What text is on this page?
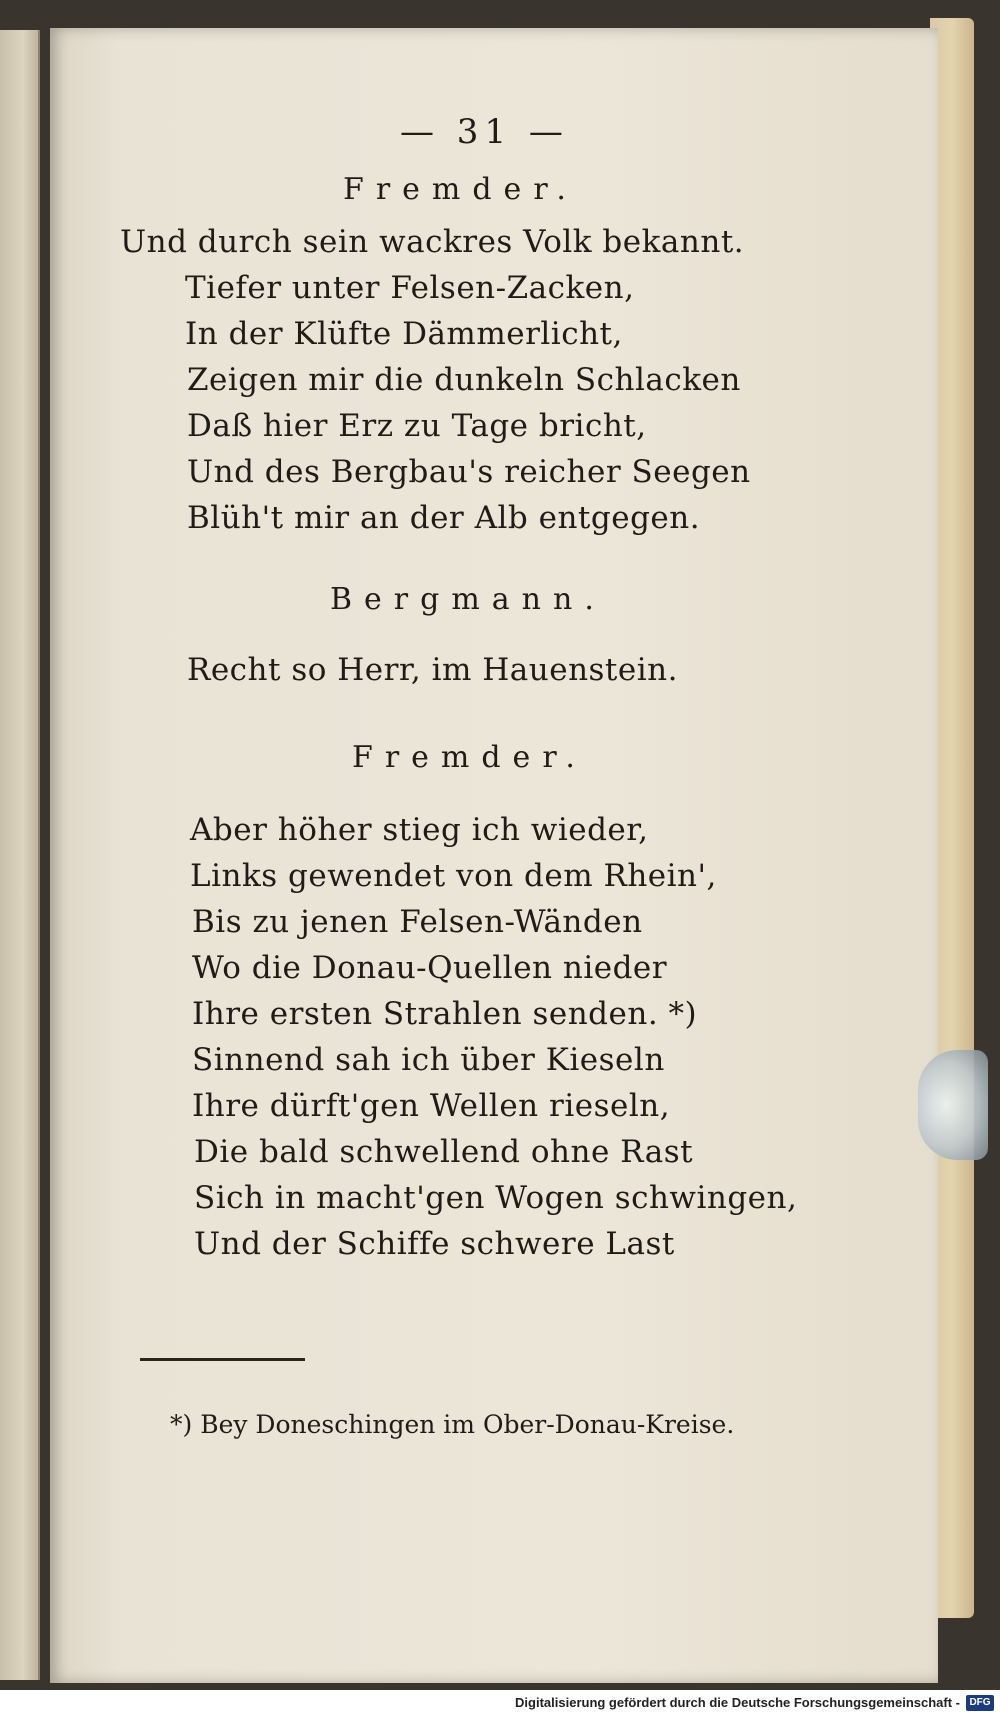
— 31 —
Fremder.
Und durch sein wackres Volk bekannt.
Tiefer unter Felsen-Zacken,
In der Klüfte Dämmerlicht,
Zeigen mir die dunkeln Schlacken
Daß hier Erz zu Tage bricht,
Und des Bergbau's reicher Seegen
Blüh't mir an der Alb entgegen.
Bergmann.
Recht so Herr, im Hauenstein.
Fremder.
Aber höher stieg ich wieder,
Links gewendet von dem Rhein',
Bis zu jenen Felsen-Wänden
Wo die Donau-Quellen nieder
Ihre ersten Strahlen senden. *)
Sinnend sah ich über Kieseln
Ihre dürft'gen Wellen rieseln,
Die bald schwellend ohne Rast
Sich in macht'gen Wogen schwingen,
Und der Schiffe schwere Last
*) Bey Doneschingen im Ober-Donau-Kreise.
Digitalisierung gefördert durch die Deutsche Forschungsgemeinschaft - DFG
